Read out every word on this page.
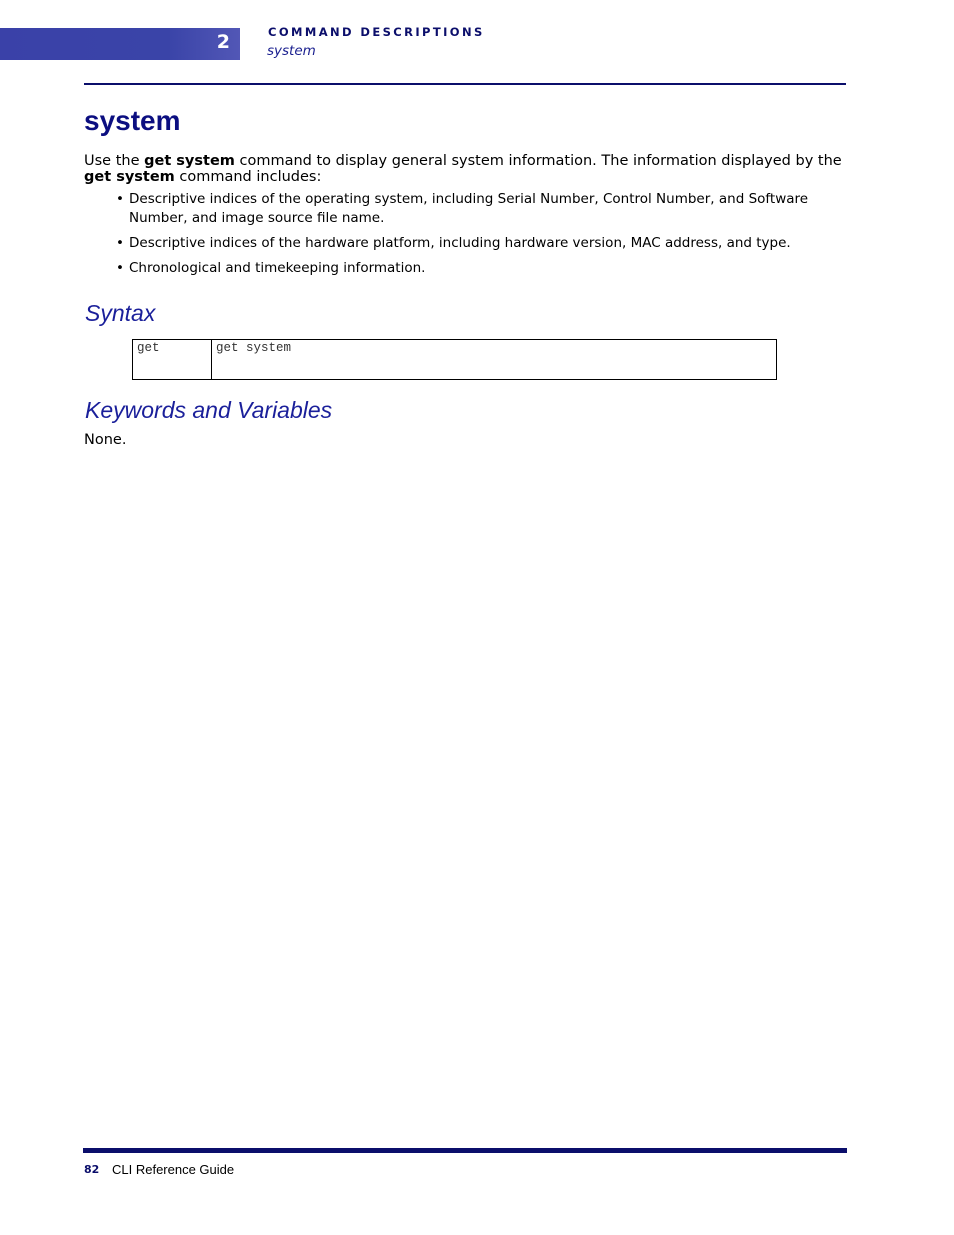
2	COMMAND DESCRIPTIONS
system
system

Use the get system command to display general system information. The information displayed by the get system command includes:

• Descriptive indices of the operating system, including Serial Number, Control Number, and Software Number, and image source file name.
• Descriptive indices of the hardware platform, including hardware version, MAC address, and type.
• Chronological and timekeeping information.
Syntax
get	get system
Keywords and Variables

None.

82 CLI Reference Guide
